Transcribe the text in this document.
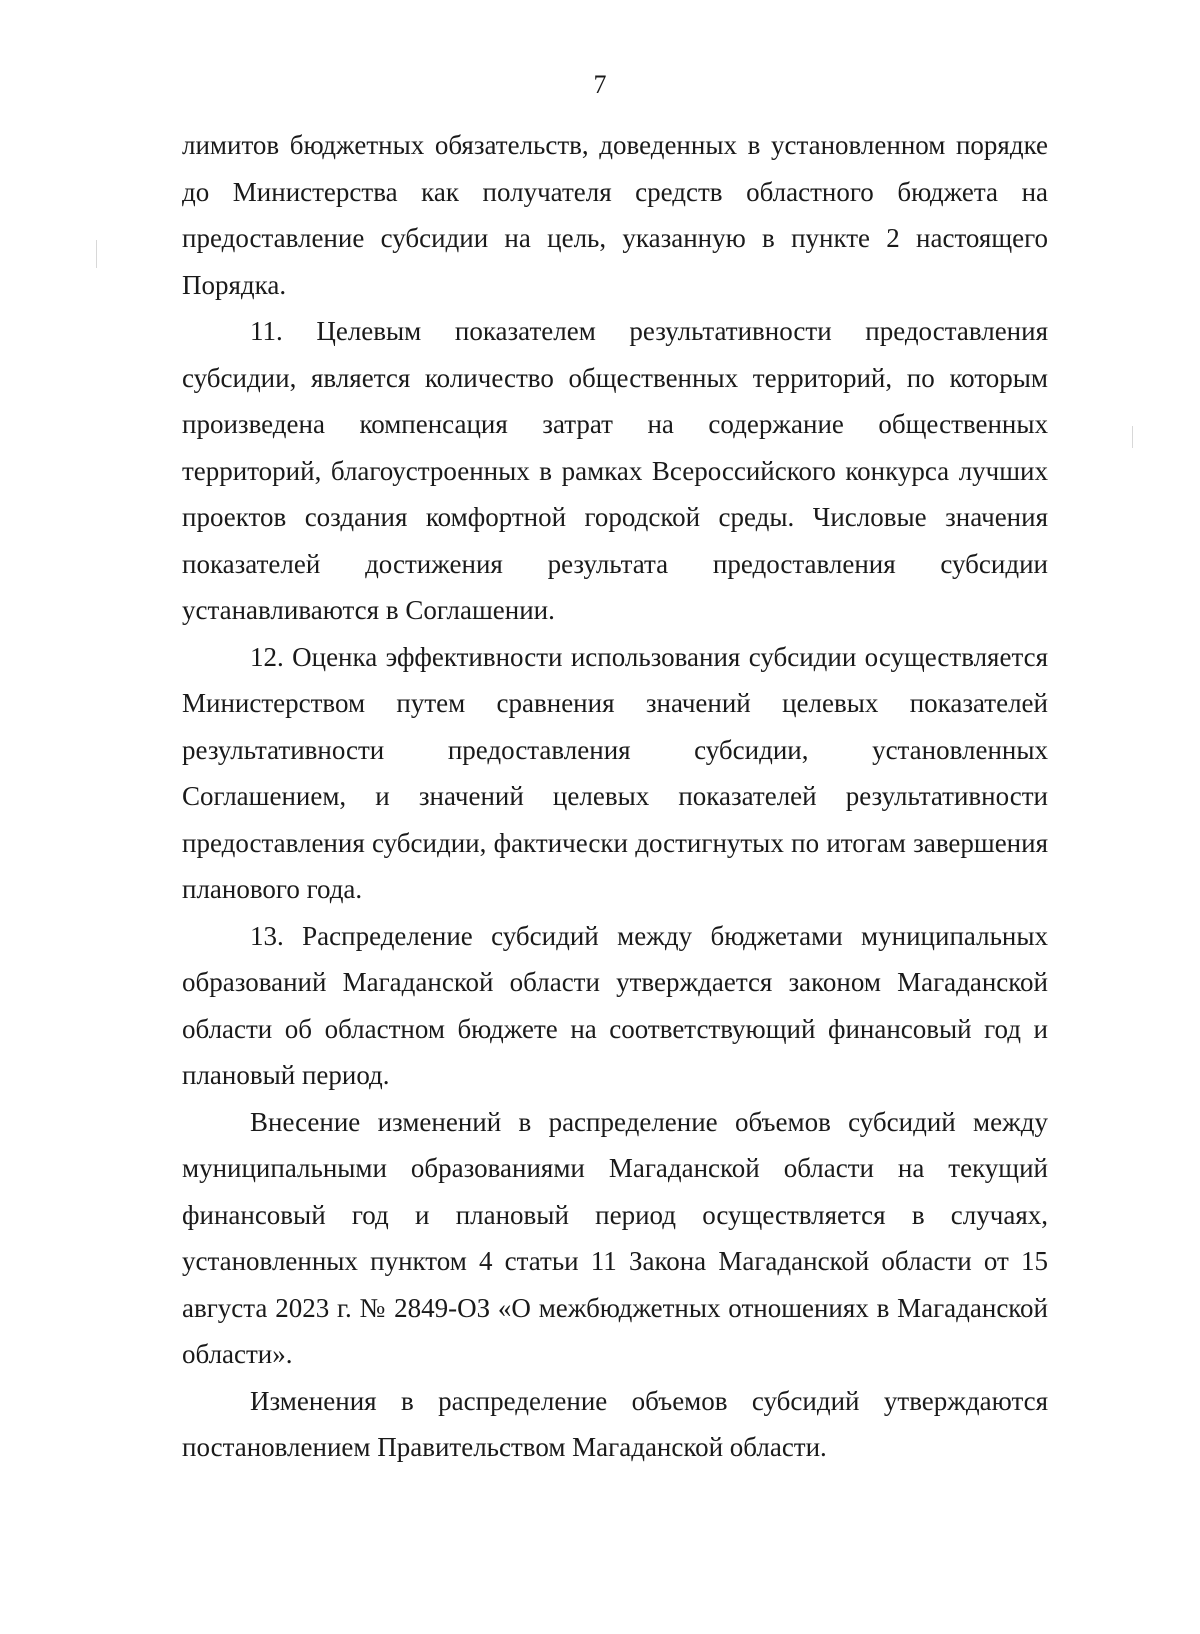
7

лимитов бюджетных обязательств, доведенных в установленном порядке до Министерства как получателя средств областного бюджета на предоставление субсидии на цель, указанную в пункте 2 настоящего Порядка.

11. Целевым показателем результативности предоставления субсидии, является количество общественных территорий, по которым произведена компенсация затрат на содержание общественных территорий, благоустроенных в рамках Всероссийского конкурса лучших проектов создания комфортной городской среды. Числовые значения показателей достижения результата предоставления субсидии устанавливаются в Соглашении.

12. Оценка эффективности использования субсидии осуществляется Министерством путем сравнения значений целевых показателей результативности предоставления субсидии, установленных Соглашением, и значений целевых показателей результативности предоставления субсидии, фактически достигнутых по итогам завершения планового года.

13. Распределение субсидий между бюджетами муниципальных образований Магаданской области утверждается законом Магаданской области об областном бюджете на соответствующий финансовый год и плановый период.

Внесение изменений в распределение объемов субсидий между муниципальными образованиями Магаданской области на текущий финансовый год и плановый период осуществляется в случаях, установленных пунктом 4 статьи 11 Закона Магаданской области от 15 августа 2023 г. № 2849-ОЗ «О межбюджетных отношениях в Магаданской области».

Изменения в распределение объемов субсидий утверждаются постановлением Правительством Магаданской области.
